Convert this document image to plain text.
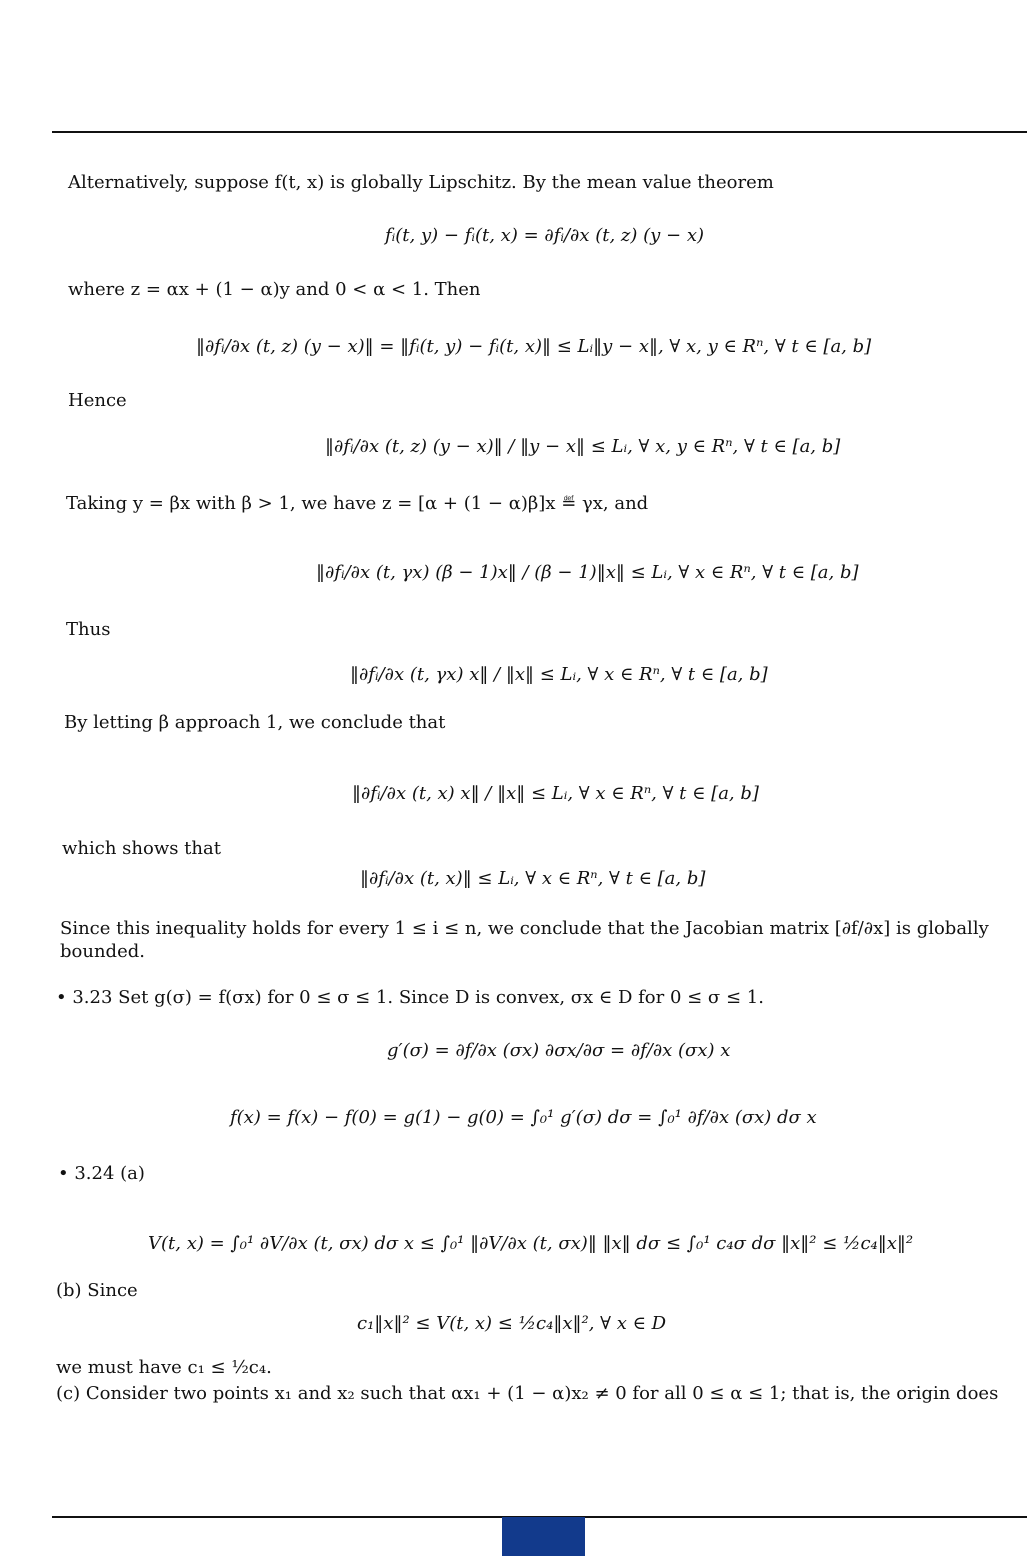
Alternatively, suppose f(t, x) is globally Lipschitz. By the mean value theorem
fᵢ(t, y) − fᵢ(t, x) = ∂fᵢ/∂x (t, z) (y − x)
where z = αx + (1 − α)y and 0 < α < 1. Then
‖∂fᵢ/∂x (t, z) (y − x)‖ = ‖fᵢ(t, y) − fᵢ(t, x)‖ ≤ Lᵢ‖y − x‖, ∀ x, y ∈ Rⁿ, ∀ t ∈ [a, b]
Hence
‖∂fᵢ/∂x (t, z) (y − x)‖ / ‖y − x‖ ≤ Lᵢ, ∀ x, y ∈ Rⁿ, ∀ t ∈ [a, b]
Taking y = βx with β > 1, we have z = [α + (1 − α)β]x ≝ γx, and
‖∂fᵢ/∂x (t, γx) (β − 1)x‖ / (β − 1)‖x‖ ≤ Lᵢ, ∀ x ∈ Rⁿ, ∀ t ∈ [a, b]
Thus
‖∂fᵢ/∂x (t, γx) x‖ / ‖x‖ ≤ Lᵢ, ∀ x ∈ Rⁿ, ∀ t ∈ [a, b]
By letting β approach 1, we conclude that
‖∂fᵢ/∂x (t, x) x‖ / ‖x‖ ≤ Lᵢ, ∀ x ∈ Rⁿ, ∀ t ∈ [a, b]
which shows that
‖∂fᵢ/∂x (t, x)‖ ≤ Lᵢ, ∀ x ∈ Rⁿ, ∀ t ∈ [a, b]
Since this inequality holds for every 1 ≤ i ≤ n, we conclude that the Jacobian matrix [∂f/∂x] is globally
bounded.
• 3.23 Set g(σ) = f(σx) for 0 ≤ σ ≤ 1. Since D is convex, σx ∈ D for 0 ≤ σ ≤ 1.
g′(σ) = ∂f/∂x (σx) ∂σx/∂σ = ∂f/∂x (σx) x
f(x) = f(x) − f(0) = g(1) − g(0) = ∫₀¹ g′(σ) dσ = ∫₀¹ ∂f/∂x (σx) dσ x
• 3.24 (a)
V(t, x) = ∫₀¹ ∂V/∂x (t, σx) dσ x ≤ ∫₀¹ ‖∂V/∂x (t, σx)‖ ‖x‖ dσ ≤ ∫₀¹ c₄σ dσ ‖x‖² ≤ ½c₄‖x‖²
(b) Since
c₁‖x‖² ≤ V(t, x) ≤ ½c₄‖x‖², ∀ x ∈ D
we must have c₁ ≤ ½c₄.
(c) Consider two points x₁ and x₂ such that αx₁ + (1 − α)x₂ ≠ 0 for all 0 ≤ α ≤ 1; that is, the origin does
